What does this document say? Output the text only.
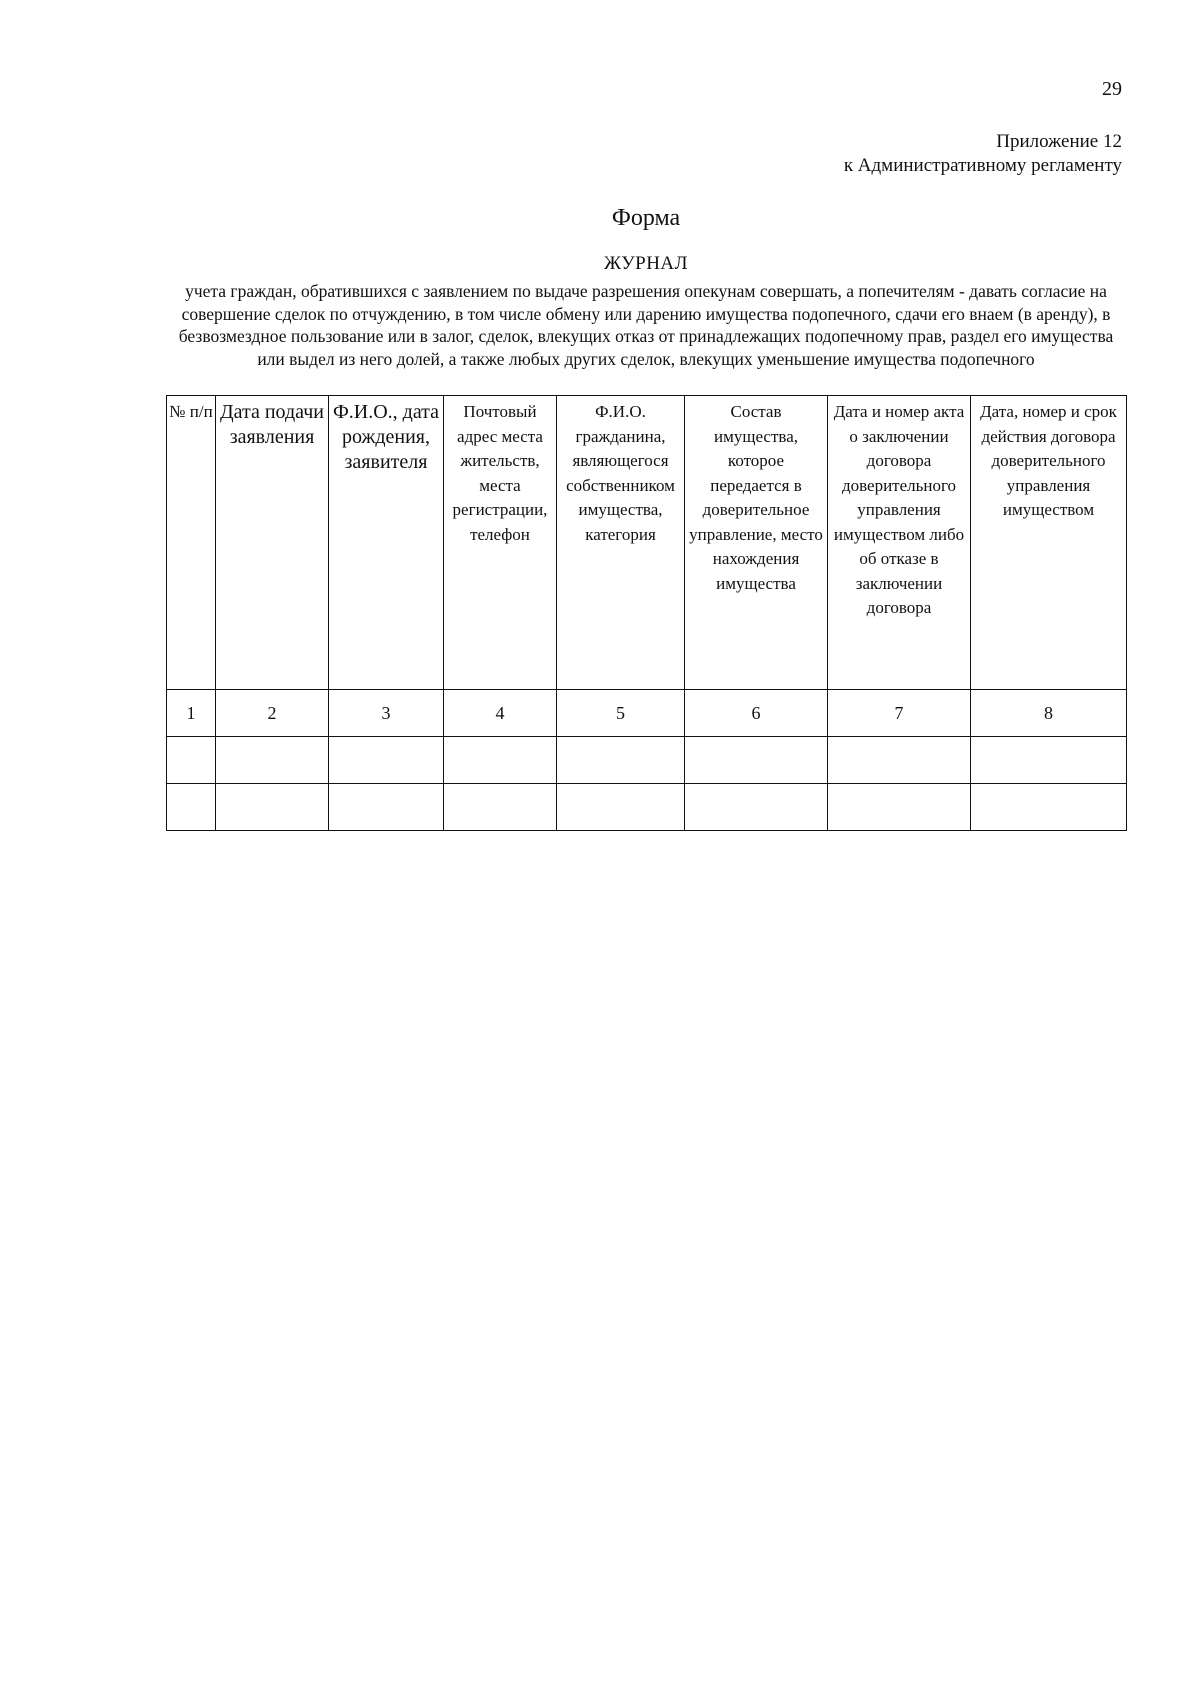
29
Приложение 12
к Административному регламенту
Форма
ЖУРНАЛ
учета граждан, обратившихся с заявлением по выдаче разрешения опекунам совершать, а попечителям - давать согласие на совершение сделок по отчуждению, в том числе обмену или дарению имущества подопечного, сдачи его внаем (в аренду), в безвозмездное пользование или в залог, сделок, влекущих отказ от принадлежащих подопечному прав, раздел его имущества или выдел из него долей, а также любых других сделок, влекущих уменьшение имущества подопечного
№ п/п	Дата подачи заявления	Ф.И.О., дата рождения, заявителя	Почтовый адрес места жительств, места регистрации, телефон	Ф.И.О. гражданина, являющегося собственником имущества, категория	Состав имущества, которое передается в доверительное управление, место нахождения имущества	Дата и номер акта о заключении договора доверительного управления имуществом либо об отказе в заключении договора	Дата, номер и срок действия договора доверительного управления имуществом
1	2	3	4	5	6	7	8
